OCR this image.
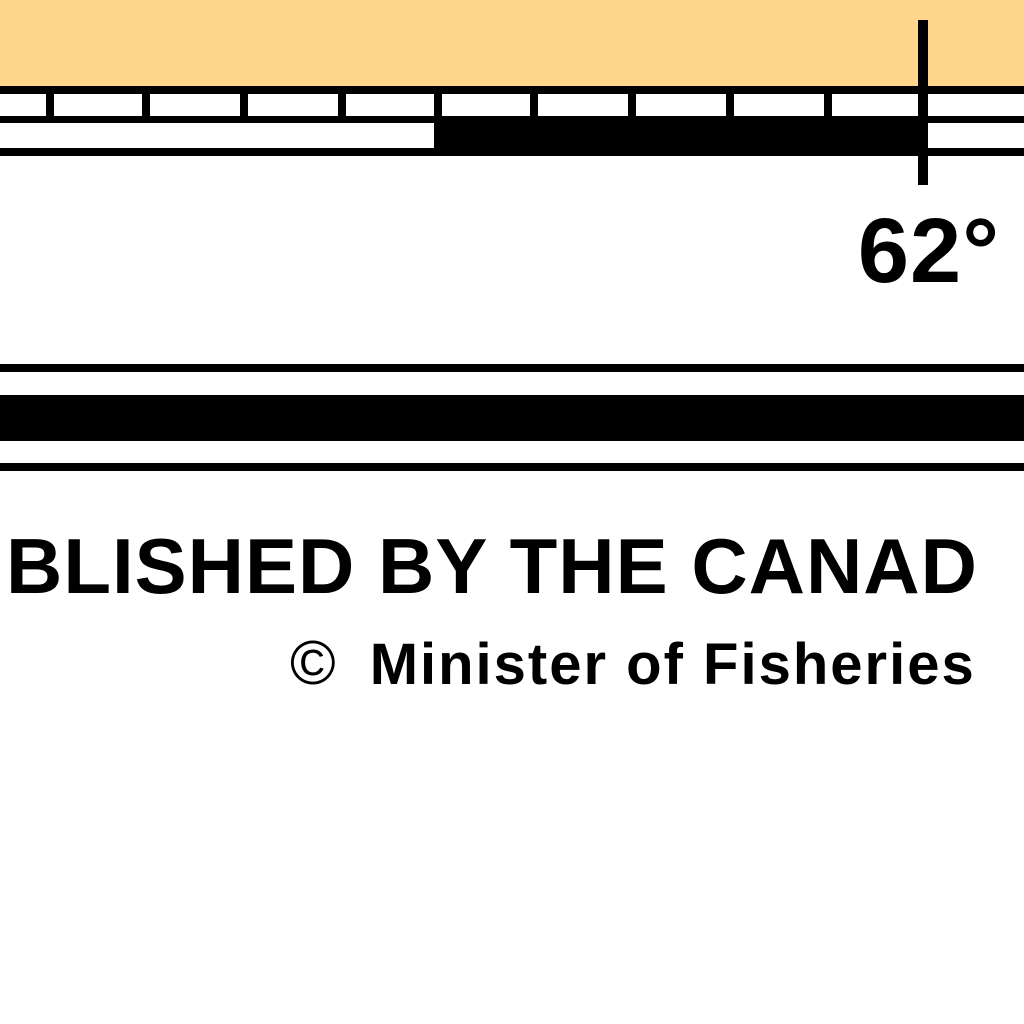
62°
BLISHED BY THE CANAD
© Minister of Fisheries
